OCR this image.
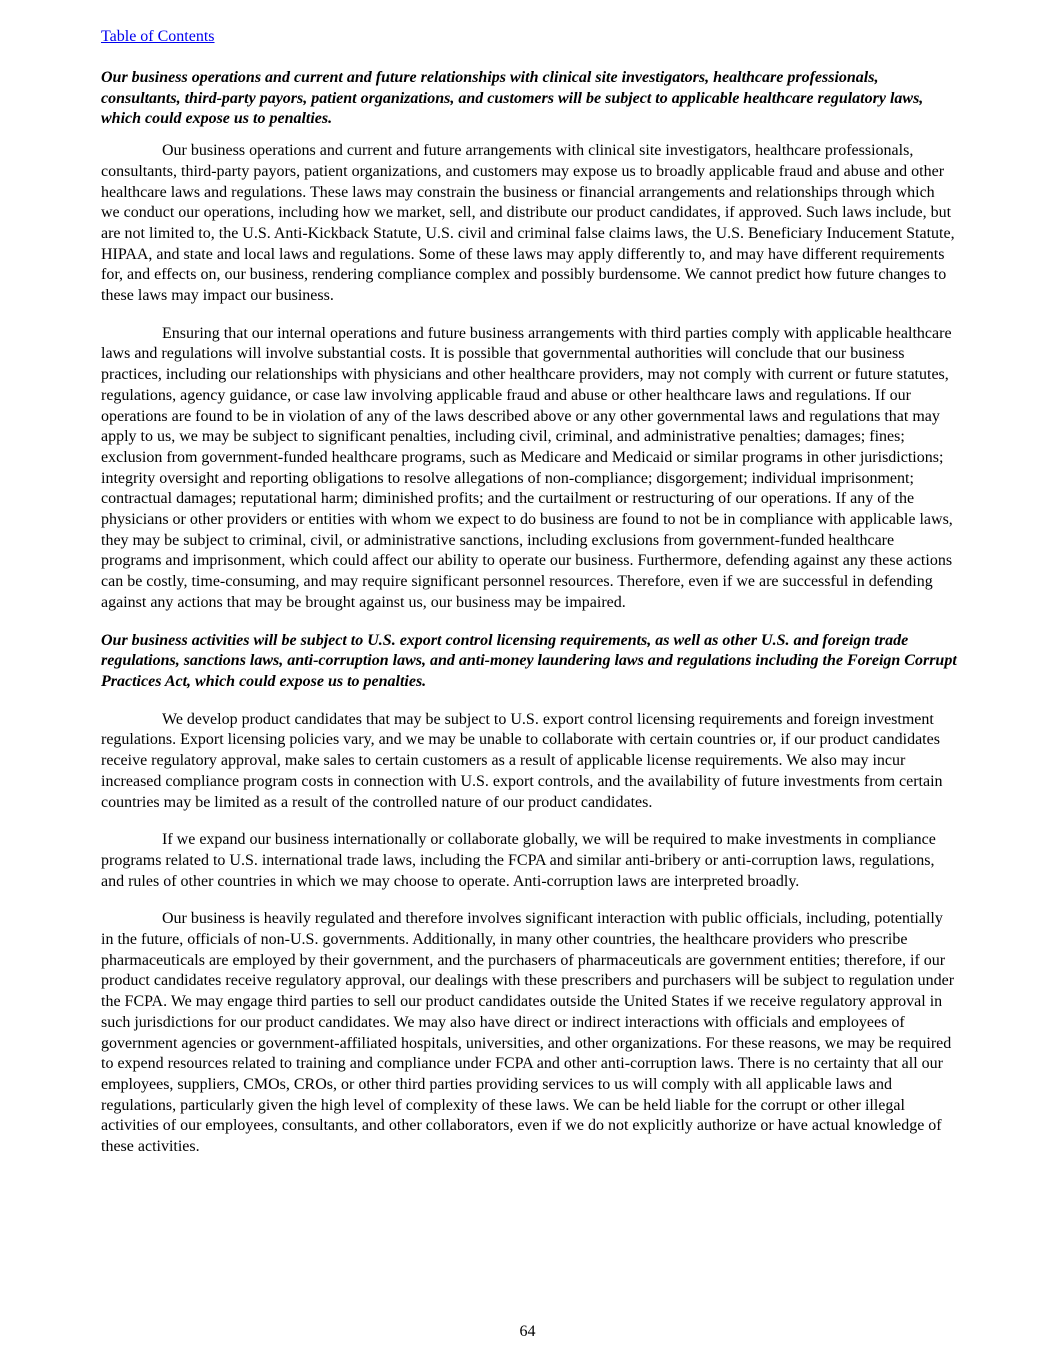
Table of Contents

Our business operations and current and future relationships with clinical site investigators, healthcare professionals, consultants, third-party payors, patient organizations, and customers will be subject to applicable healthcare regulatory laws, which could expose us to penalties.

Our business operations and current and future arrangements with clinical site investigators, healthcare professionals, consultants, third-party payors, patient organizations, and customers may expose us to broadly applicable fraud and abuse and other healthcare laws and regulations. These laws may constrain the business or financial arrangements and relationships through which we conduct our operations, including how we market, sell, and distribute our product candidates, if approved. Such laws include, but are not limited to, the U.S. Anti-Kickback Statute, U.S. civil and criminal false claims laws, the U.S. Beneficiary Inducement Statute, HIPAA, and state and local laws and regulations. Some of these laws may apply differently to, and may have different requirements for, and effects on, our business, rendering compliance complex and possibly burdensome. We cannot predict how future changes to these laws may impact our business.

Ensuring that our internal operations and future business arrangements with third parties comply with applicable healthcare laws and regulations will involve substantial costs. It is possible that governmental authorities will conclude that our business practices, including our relationships with physicians and other healthcare providers, may not comply with current or future statutes, regulations, agency guidance, or case law involving applicable fraud and abuse or other healthcare laws and regulations. If our operations are found to be in violation of any of the laws described above or any other governmental laws and regulations that may apply to us, we may be subject to significant penalties, including civil, criminal, and administrative penalties; damages; fines; exclusion from government-funded healthcare programs, such as Medicare and Medicaid or similar programs in other jurisdictions; integrity oversight and reporting obligations to resolve allegations of non-compliance; disgorgement; individual imprisonment; contractual damages; reputational harm; diminished profits; and the curtailment or restructuring of our operations. If any of the physicians or other providers or entities with whom we expect to do business are found to not be in compliance with applicable laws, they may be subject to criminal, civil, or administrative sanctions, including exclusions from government-funded healthcare programs and imprisonment, which could affect our ability to operate our business. Furthermore, defending against any these actions can be costly, time-consuming, and may require significant personnel resources. Therefore, even if we are successful in defending against any actions that may be brought against us, our business may be impaired.

Our business activities will be subject to U.S. export control licensing requirements, as well as other U.S. and foreign trade regulations, sanctions laws, anti-corruption laws, and anti-money laundering laws and regulations including the Foreign Corrupt Practices Act, which could expose us to penalties.

We develop product candidates that may be subject to U.S. export control licensing requirements and foreign investment regulations. Export licensing policies vary, and we may be unable to collaborate with certain countries or, if our product candidates receive regulatory approval, make sales to certain customers as a result of applicable license requirements. We also may incur increased compliance program costs in connection with U.S. export controls, and the availability of future investments from certain countries may be limited as a result of the controlled nature of our product candidates.

If we expand our business internationally or collaborate globally, we will be required to make investments in compliance programs related to U.S. international trade laws, including the FCPA and similar anti-bribery or anti-corruption laws, regulations, and rules of other countries in which we may choose to operate. Anti-corruption laws are interpreted broadly.

Our business is heavily regulated and therefore involves significant interaction with public officials, including, potentially in the future, officials of non-U.S. governments. Additionally, in many other countries, the healthcare providers who prescribe pharmaceuticals are employed by their government, and the purchasers of pharmaceuticals are government entities; therefore, if our product candidates receive regulatory approval, our dealings with these prescribers and purchasers will be subject to regulation under the FCPA. We may engage third parties to sell our product candidates outside the United States if we receive regulatory approval in such jurisdictions for our product candidates. We may also have direct or indirect interactions with officials and employees of government agencies or government-affiliated hospitals, universities, and other organizations. For these reasons, we may be required to expend resources related to training and compliance under FCPA and other anti-corruption laws. There is no certainty that all our employees, suppliers, CMOs, CROs, or other third parties providing services to us will comply with all applicable laws and regulations, particularly given the high level of complexity of these laws. We can be held liable for the corrupt or other illegal activities of our employees, consultants, and other collaborators, even if we do not explicitly authorize or have actual knowledge of these activities.

64
